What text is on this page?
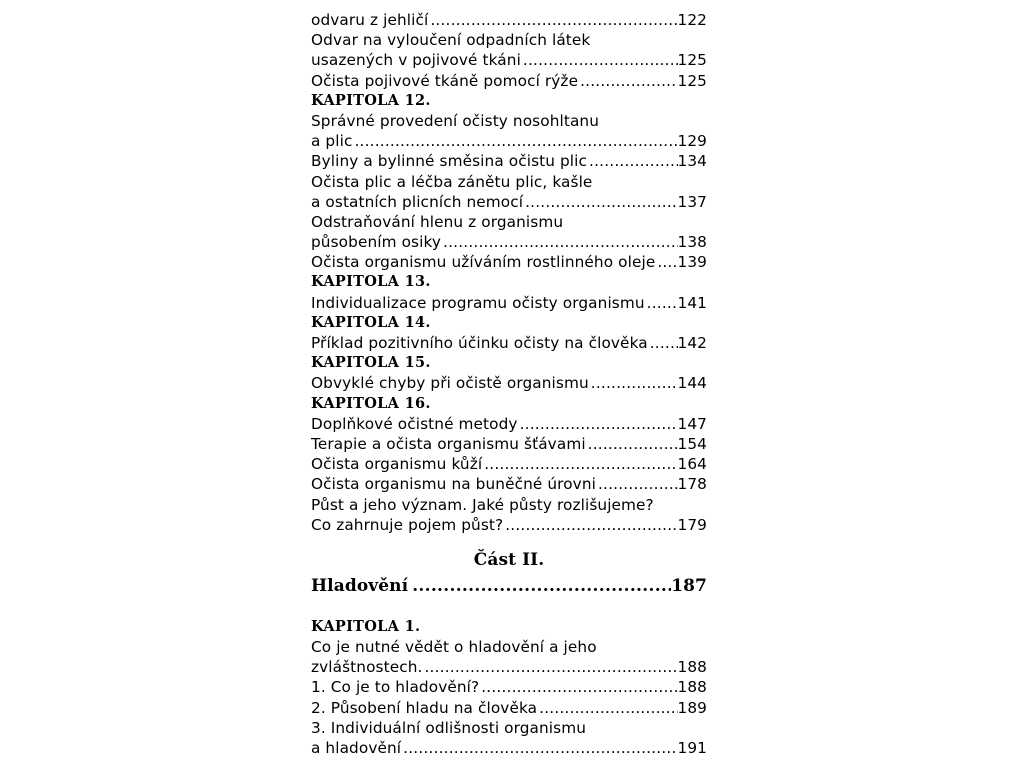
odvaru z jehličí .....	122
Odvar na vyloučení odpadních látek
usazených v pojivové tkáni .....	125
Očista pojivové tkáně pomocí rýže .....	125
KAPITOLA 12.
Správné provedení očisty nosohltanu
a plic .....	129
Byliny a bylinné směsina očistu plic .....	134
Očista plic a léčba zánětu plic, kašle
a ostatních plicních nemocí .....	137
Odstraňování hlenu z organismu
působením osiky .....	138
Očista organismu užíváním rostlinného oleje ..... 139
KAPITOLA 13.
Individualizace programu očisty organismu ..... 141
KAPITOLA 14.
Příklad pozitivního účinku očisty na člověka ..... 142
KAPITOLA 15.
Obvyklé chyby při očistě organismu .....	144
KAPITOLA 16.
Doplňkové očistné metody .....	147
Terapie a očista organismu šťávami .....	154
Očista organismu kůží .....	164
Očista organismu na buněčné úrovni .....	178
Půst a jeho význam. Jaké půsty rozlišujeme?
Co zahrnuje pojem půst? .....	179
Část II.
Hladovění .....	187
KAPITOLA 1.
Co je nutné vědět o hladovění a jeho
zvláštnostech. .....	188
1. Co je to hladovění? .....	188
2. Působení hladu na člověka .....	189
3. Individuální odlišnosti organismu
a hladovění .....	191
